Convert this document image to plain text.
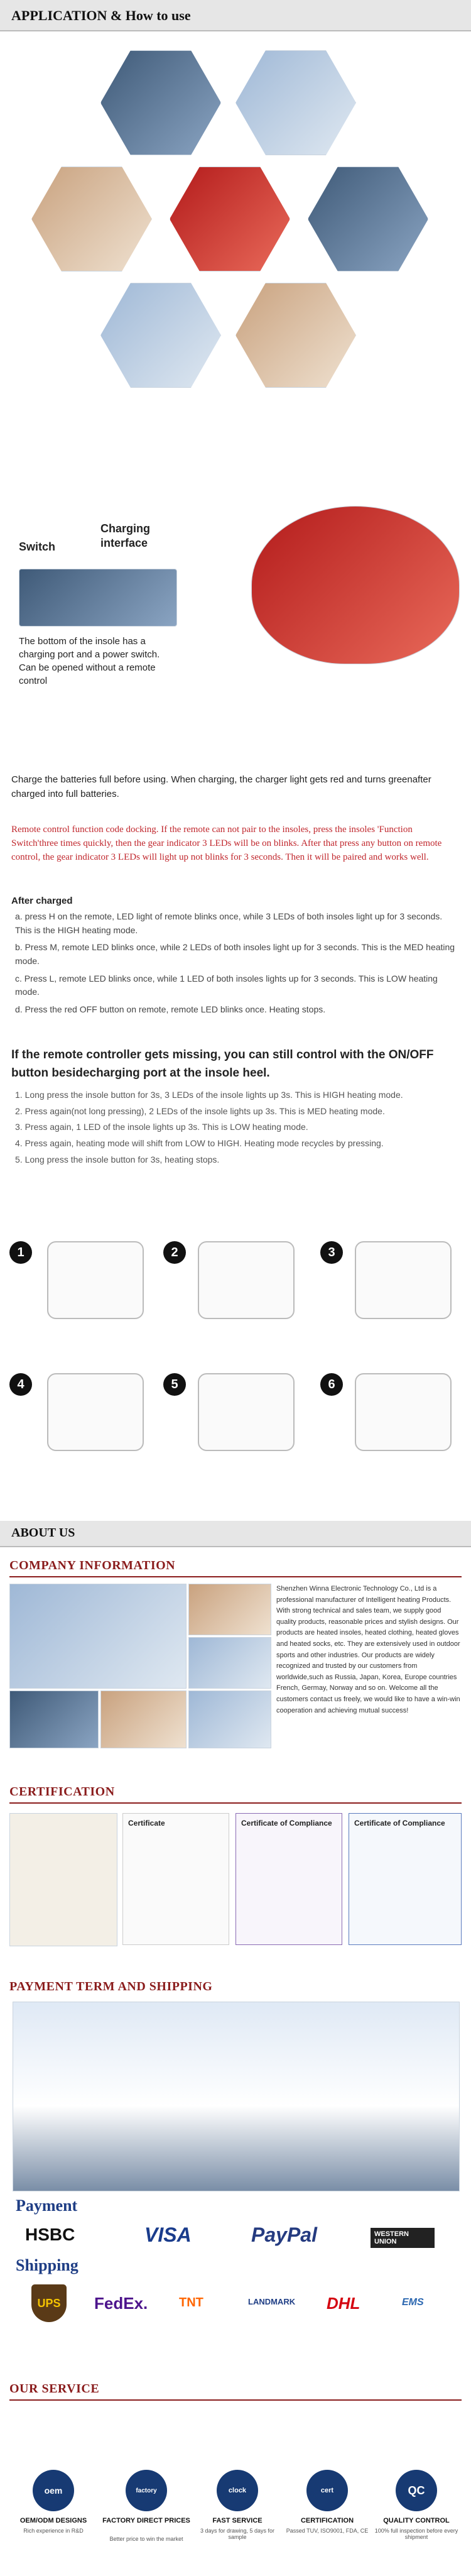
APPLICATION & How to use
Switch
Charging interface
The bottom of the insole has a charging port and a power switch. Can be opened without a remote control
Charge the batteries full before using. When charging, the charger light gets red and turns greenafter charged into full batteries.
Remote control function code docking. If the remote can not pair to the insoles, press the insoles 'Function Switch'three times quickly, then the gear indicator 3 LEDs will be on blinks. After that press any button on remote control, the gear indicator 3 LEDs will light up not blinks for 3 seconds. Then it will be paired and works well.
After charged
a. press H on the remote, LED light of remote blinks once, while 3 LEDs of both insoles light up for 3 seconds. This is the HIGH heating mode.
b. Press M, remote LED blinks once, while 2 LEDs of both insoles light up for 3 seconds. This is the MED heating mode.
c. Press L, remote LED blinks once, while 1 LED of both insoles lights up for 3 seconds. This is LOW heating mode.
d. Press the red OFF button on remote, remote LED blinks once. Heating stops.
If the remote controller gets missing, you can still control with the ON/OFF button besidecharging port at the insole heel.
1. Long press the insole button for 3s, 3 LEDs of the insole lights up 3s. This is HIGH heating mode.
2. Press again(not long pressing), 2 LEDs of the insole lights up 3s. This is MED heating mode.
3. Press again, 1 LED of the insole lights up 3s. This is LOW heating mode.
4. Press again, heating mode will shift from LOW to HIGH. Heating mode recycles by pressing.
5. Long press the insole button for 3s, heating stops.
1	2	3
4	5	6
ABOUT US
COMPANY INFORMATION
Shenzhen Winna Electronic Technology Co., Ltd is a professional manufacturer of Intelligent heating Products. With strong technical and sales team, we supply good quality products, reasonable prices and stylish designs. Our products are heated insoles, heated clothing, heated gloves and heated socks, etc. They are extensively used in outdoor sports and other industries. Our products are widely recognized and trusted by our customers from worldwide,such as Russia, Japan, Korea, Europe countries French, Germay, Norway and so on. Welcome all the customers contact us freely, we would like to have a win-win cooperation and achieving mutual success!
CERTIFICATION
Certificate	Certificate of Compliance	Certificate of Compliance
PAYMENT TERM AND SHIPPING
Payment
HSBC	VISA	PayPal	WESTERN UNION
Shipping
UPS	FedEx. TNT	LANDMARK DHL	EMS
OUR SERVICE
oem
OEM/ODM DESIGNS
Rich experience in R&D
factory
FACTORY DIRECT PRICES
Better price to win the market
clock
FAST SERVICE
3 days for drawing, 5 days for sample
cert
CERTIFICATION
Passed TUV, ISO9001, FDA, CE
QC
QUALITY CONTROL
100% full inspection before every shipment
